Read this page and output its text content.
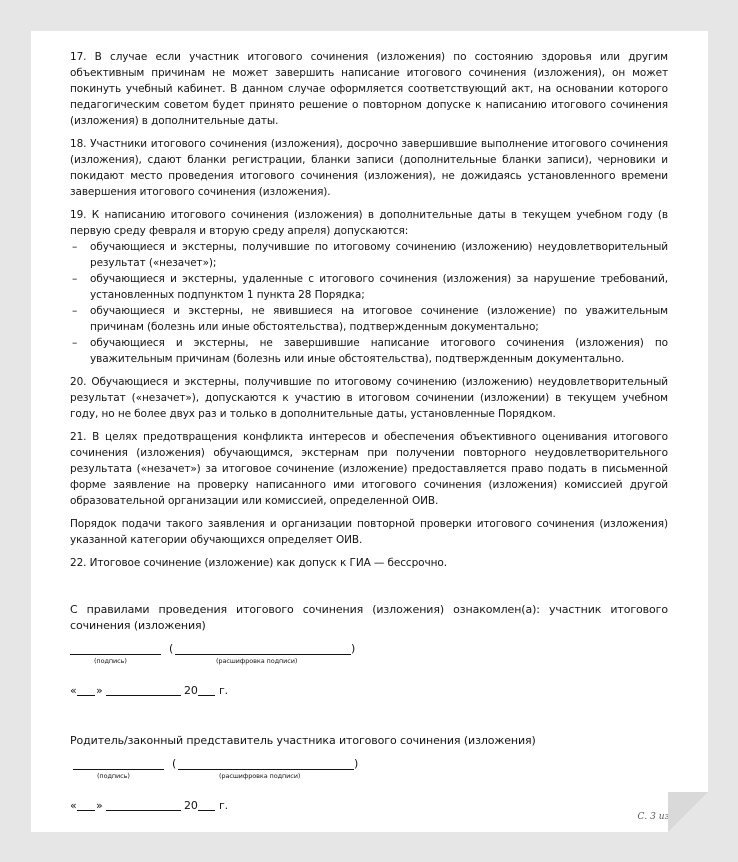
17. В случае если участник итогового сочинения (изложения) по состоянию здоровья или другим объективным причинам не может завершить написание итогового сочинения (изложения), он может покинуть учебный кабинет. В данном случае оформляется соответствующий акт, на основании которого педагогическим советом будет принято решение о повторном допуске к написанию итогового сочинения (изложения) в дополнительные даты.

18. Участники итогового сочинения (изложения), досрочно завершившие выполнение итогового сочинения (изложения), сдают бланки регистрации, бланки записи (дополнительные бланки записи), черновики и покидают место проведения итогового сочинения (изложения), не дожидаясь установленного времени завершения итогового сочинения (изложения).

19. К написанию итогового сочинения (изложения) в дополнительные даты в текущем учебном году (в первую среду февраля и вторую среду апреля) допускаются:

– обучающиеся и экстерны, получившие по итоговому сочинению (изложению) неудовлетворительный результат («незачет»);
– обучающиеся и экстерны, удаленные с итогового сочинения (изложения) за нарушение требований, установленных подпунктом 1 пункта 28 Порядка;
– обучающиеся и экстерны, не явившиеся на итоговое сочинение (изложение) по уважительным причинам (болезнь или иные обстоятельства), подтвержденным документально;
– обучающиеся и экстерны, не завершившие написание итогового сочинения (изложения) по уважительным причинам (болезнь или иные обстоятельства), подтвержденным документально.

20. Обучающиеся и экстерны, получившие по итоговому сочинению (изложению) неудовлетворительный результат («незачет»), допускаются к участию в итоговом сочинении (изложении) в текущем учебном году, но не более двух раз и только в дополнительные даты, установленные Порядком.

21. В целях предотвращения конфликта интересов и обеспечения объективного оценивания итогового сочинения (изложения) обучающимся, экстернам при получении повторного неудовлетворительного результата («незачет») за итоговое сочинение (изложение) предоставляется право подать в письменной форме заявление на проверку написанного ими итогового сочинения (изложения) комиссией другой образовательной организации или комиссией, определенной ОИВ.

Порядок подачи такого заявления и организации повторной проверки итогового сочинения (изложения) указанной категории обучающихся определяет ОИВ.

22. Итоговое сочинение (изложение) как допуск к ГИА — бессрочно.

С правилами проведения итогового сочинения (изложения) ознакомлен(а): участник итогового сочинения (изложения)

(подпись)
(	)
(расшифровка подписи)
« »	20 г.

Родитель/законный представитель участника итогового сочинения (изложения)

(подпись)
(	)
(расшифровка подписи)
« »	20 г.
С. 3 из 3
